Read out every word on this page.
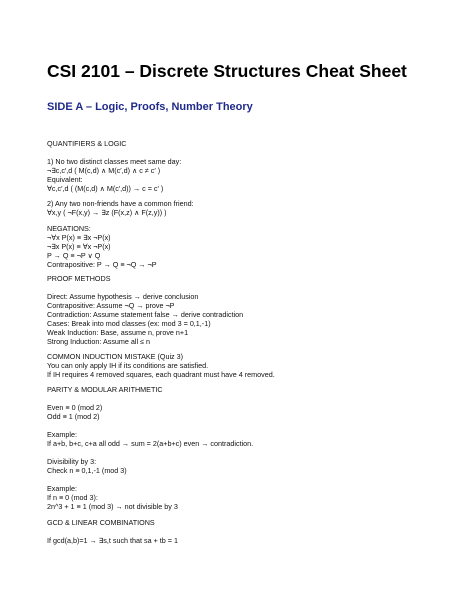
CSI 2101 – Discrete Structures Cheat Sheet
SIDE A – Logic, Proofs, Number Theory
QUANTIFIERS & LOGIC
1) No two distinct classes meet same day:
¬∃c,c′,d ( M(c,d) ∧ M(c′,d) ∧ c ≠ c′ )
Equivalent:
∀c,c′,d ( (M(c,d) ∧ M(c′,d)) → c = c′ )
2) Any two non-friends have a common friend:
∀x,y ( ¬F(x,y) → ∃z (F(x,z) ∧ F(z,y)) )
NEGATIONS:
¬∀x P(x) ≡ ∃x ¬P(x)
¬∃x P(x) ≡ ∀x ¬P(x)
P → Q ≡ ¬P ∨ Q
Contrapositive: P → Q ≡ ¬Q → ¬P
PROOF METHODS
Direct: Assume hypothesis → derive conclusion
Contrapositive: Assume ¬Q → prove ¬P
Contradiction: Assume statement false → derive contradiction
Cases: Break into mod classes (ex: mod 3 = 0,1,-1)
Weak Induction: Base, assume n, prove n+1
Strong Induction: Assume all ≤ n
COMMON INDUCTION MISTAKE (Quiz 3)
You can only apply IH if its conditions are satisfied.
If IH requires 4 removed squares, each quadrant must have 4 removed.
PARITY & MODULAR ARITHMETIC
Even ≡ 0 (mod 2)
Odd ≡ 1 (mod 2)
Example:
If a+b, b+c, c+a all odd → sum = 2(a+b+c) even → contradiction.
Divisibility by 3:
Check n ≡ 0,1,-1 (mod 3)
Example:
If n ≡ 0 (mod 3):
2n^3 + 1 ≡ 1 (mod 3) → not divisible by 3
GCD & LINEAR COMBINATIONS
If gcd(a,b)=1 → ∃s,t such that sa + tb = 1
